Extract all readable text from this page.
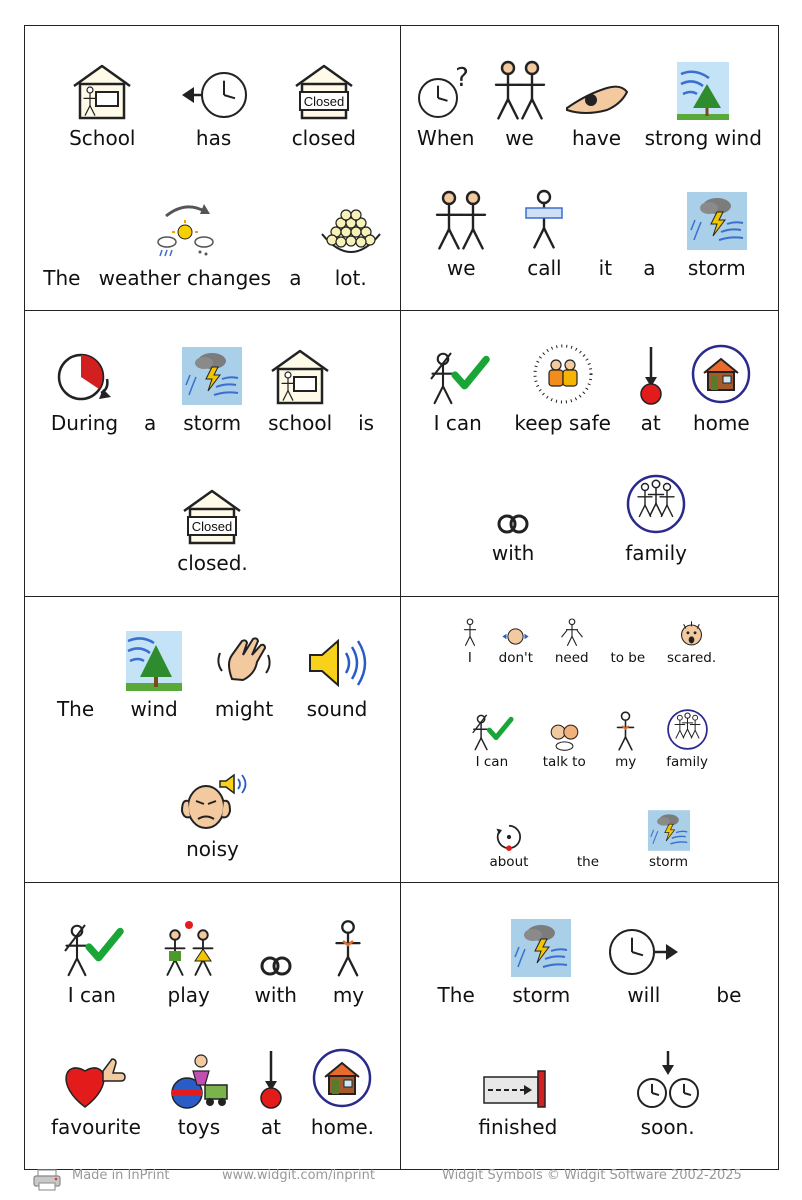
School	has
Closed
closed
The weather changes a lot.
?
When we have strong wind
we	call it a storm
During a storm school is
Closed
closed.
I can keep safe at home
with	family
The wind might sound
noisy
I don't need to be scared.
I can	talk to my family
about	the	storm
I can	play with my
favourite toys at home.
The storm	will	be
finished	soon.
Made in InPrint	www.widgit.com/inprint	Widgit Symbols © Widgit Software 2002-2025
